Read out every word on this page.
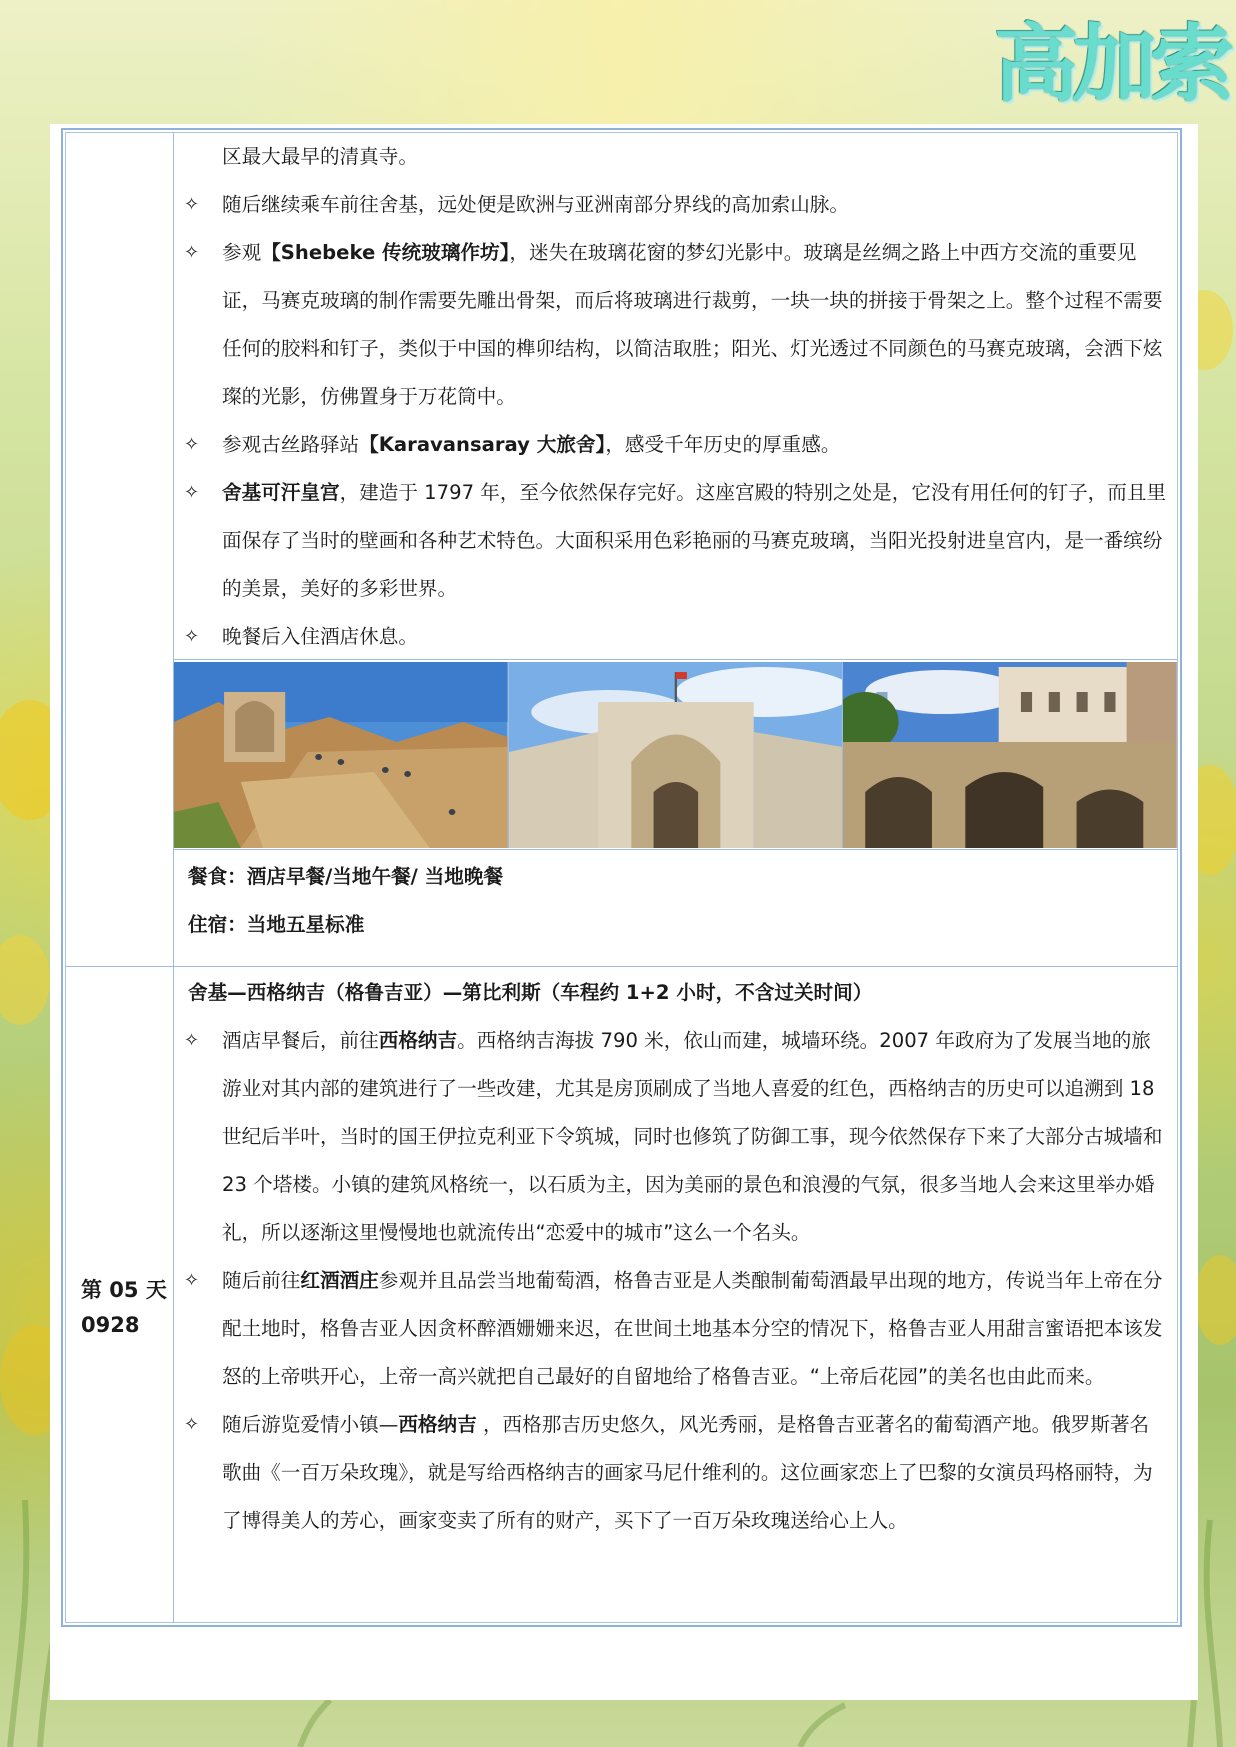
高加索

区最大最早的清真寺。

✧ 随后继续乘车前往舍基，远处便是欧洲与亚洲南部分界线的高加索山脉。

✧ 参观【Shebeke 传统玻璃作坊】，迷失在玻璃花窗的梦幻光影中。玻璃是丝绸之路上中西方交流的重要见证，马赛克玻璃的制作需要先雕出骨架，而后将玻璃进行裁剪，一块一块的拼接于骨架之上。整个过程不需要任何的胶料和钉子，类似于中国的榫卯结构，以简洁取胜；阳光、灯光透过不同颜色的马赛克玻璃，会洒下炫璨的光影，仿佛置身于万花筒中。

✧ 参观古丝路驿站【Karavansaray 大旅舍】，感受千年历史的厚重感。

✧ 舍基可汗皇宫，建造于 1797 年，至今依然保存完好。这座宫殿的特别之处是，它没有用任何的钉子，而且里面保存了当时的壁画和各种艺术特色。大面积采用色彩艳丽的马赛克玻璃，当阳光投射进皇宫内，是一番缤纷的美景，美好的多彩世界。

✧ 晚餐后入住酒店休息。

餐食：酒店早餐/当地午餐/ 当地晚餐

住宿：当地五星标准

第 05 天
0928

舍基—西格纳吉（格鲁吉亚）—第比利斯（车程约 1+2 小时，不含过关时间）

✧ 酒店早餐后，前往西格纳吉。西格纳吉海拔 790 米，依山而建，城墙环绕。2007 年政府为了发展当地的旅游业对其内部的建筑进行了一些改建，尤其是房顶刷成了当地人喜爱的红色，西格纳吉的历史可以追溯到 18 世纪后半叶，当时的国王伊拉克利亚下令筑城，同时也修筑了防御工事，现今依然保存下来了大部分古城墙和 23 个塔楼。小镇的建筑风格统一，以石质为主，因为美丽的景色和浪漫的气氛，很多当地人会来这里举办婚礼，所以逐渐这里慢慢地也就流传出“恋爱中的城市”这么一个名头。

✧ 随后前往红酒酒庄参观并且品尝当地葡萄酒，格鲁吉亚是人类酿制葡萄酒最早出现的地方，传说当年上帝在分配土地时，格鲁吉亚人因贪杯醉酒姗姗来迟，在世间土地基本分空的情况下，格鲁吉亚人用甜言蜜语把本该发怒的上帝哄开心，上帝一高兴就把自己最好的自留地给了格鲁吉亚。“上帝后花园”的美名也由此而来。

✧ 随后游览爱情小镇—西格纳吉 ，西格那吉历史悠久，风光秀丽，是格鲁吉亚著名的葡萄酒产地。俄罗斯著名歌曲《一百万朵玫瑰》，就是写给西格纳吉的画家马尼什维利的。这位画家恋上了巴黎的女演员玛格丽特，为了博得美人的芳心，画家变卖了所有的财产，买下了一百万朵玫瑰送给心上人。
